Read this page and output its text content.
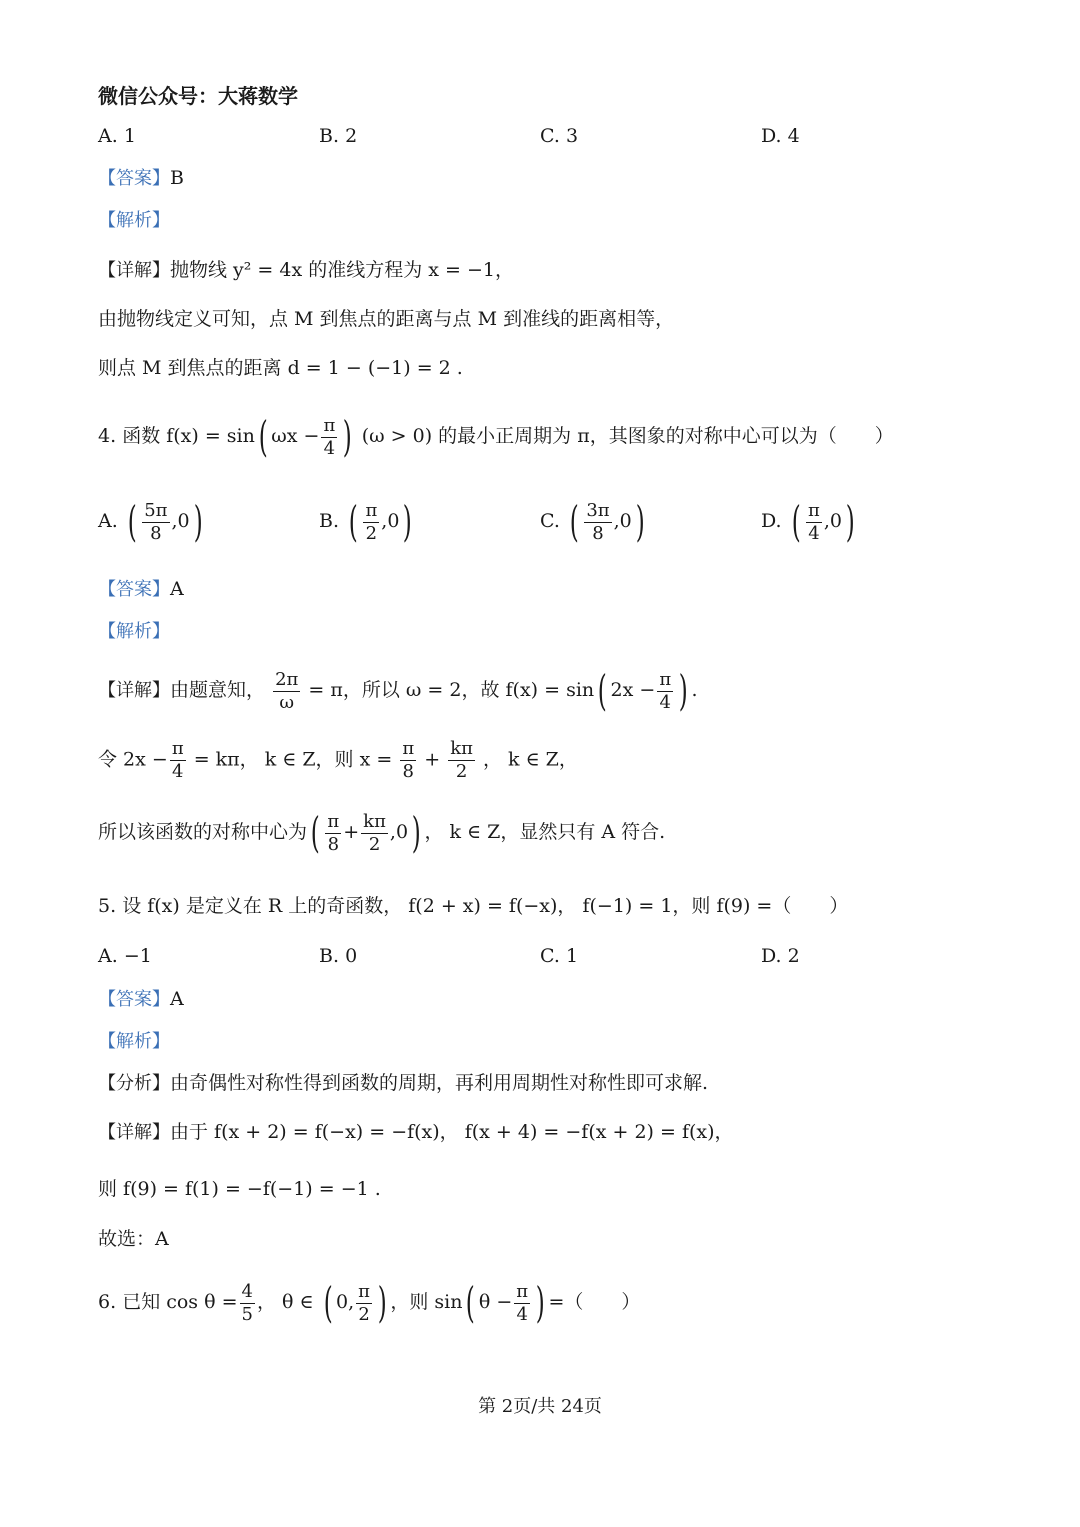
微信公众号：大蒋数学
A. 1	B. 2	C. 3	D. 4
【答案】B
【解析】
【详解】抛物线 y² = 4x 的准线方程为 x = −1，
由抛物线定义可知，点 M 到焦点的距离与点 M 到准线的距离相等，
则点 M 到焦点的距离 d = 1 − (−1) = 2 .
4. 函数 f(x) = sin( $\omega x - \frac{\pi}{4}$ ) (ω > 0) 的最小正周期为 π，其图象的对称中心可以为（　　）
A. ( $\frac{5\pi}{8} ,0$)	B. ( $\frac{\pi}{2} ,0$)	C. ( $\frac{3\pi}{8} ,0$)	D. ( $\frac{\pi}{4} ,0$)
【答案】A
【解析】
【详解】由题意知， $\frac{2\pi}{\omega} = \pi$，所以 ω = 2，故 f(x) = sin( $2x - \frac{\pi}{4}$ ) .
令 $2x - \frac{\pi}{4} = k\pi$， k ∈ Z，则 $x = \frac{\pi}{8} + \frac{k\pi}{2}$ ， k ∈ Z，
所以该函数的对称中心为( $\frac{\pi}{8} + \frac{k\pi}{2} ,0$) ， k ∈ Z，显然只有 A 符合.
5. 设 f(x) 是定义在 R 上的奇函数， f(2 + x) = f(−x)， f(−1) = 1，则 f(9) =（　　）
A. −1	B. 0	C. 1	D. 2
【答案】A
【解析】
【分析】由奇偶性对称性得到函数的周期，再利用周期性对称性即可求解.
【详解】由于 f(x + 2) = f(−x) = −f(x)， f(x + 4) = −f(x + 2) = f(x)，
则 f(9) = f(1) = −f(−1) = −1 .
故选：A
6. 已知 $\cos \theta = \frac{4}{5}$ ， θ ∈ ( 0, $\frac{\pi}{2}$ ) ，则 sin( $\theta - \frac{\pi}{4}$ ) =（　　）
第 2页/共 24页
